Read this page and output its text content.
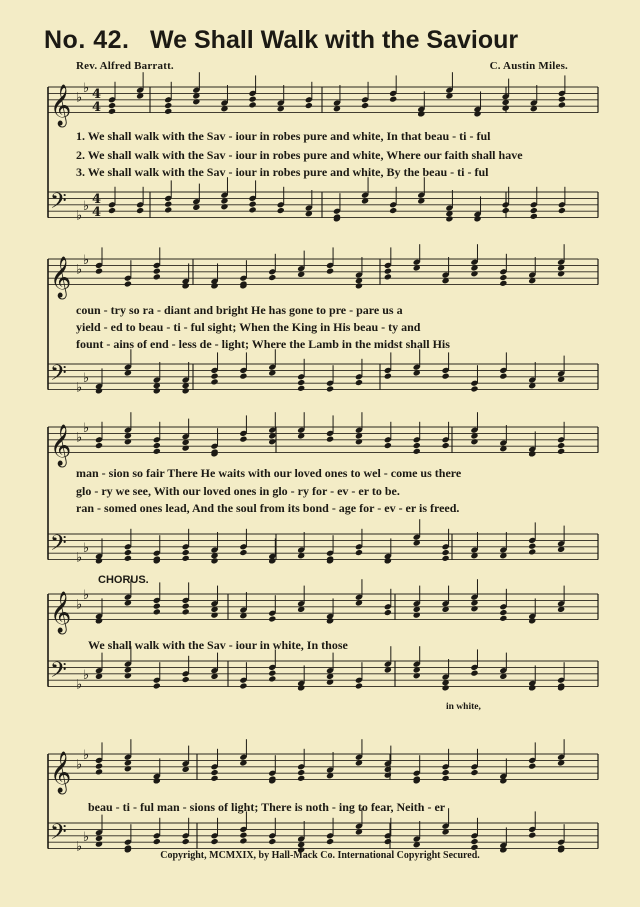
No. 42. We Shall Walk with the Saviour
Rev. Alfred Barratt.	C. Austin Miles.
𝄞 ♭
♭ 4
4
𝄢 ♭
♭ 4
4
𝄞 ♭
♭
𝄢 ♭
♭
𝄞 ♭
♭
𝄢 ♭
♭
𝄞 ♭
♭
𝄢 ♭
♭
𝄞 ♭
♭
𝄢 ♭
♭
1. We shall walk with the Sav - iour in robes pure and white, In that beau - ti - ful
2. We shall walk with the Sav - iour in robes pure and white, Where our faith shall have
3. We shall walk with the Sav - iour in robes pure and white, By the beau - ti - ful
coun - try so ra - diant and bright He has gone to pre - pare us a
yield - ed to beau - ti - ful sight; When the King in His beau - ty and
fount - ains of end - less de - light; Where the Lamb in the midst shall His
man - sion so fair There He waits with our loved ones to wel - come us there
glo - ry we see, With our loved ones in glo - ry for - ev - er to be.
ran - somed ones lead, And the soul from its bond - age for - ev - er is freed.
CHORUS.
We shall walk with the Sav - iour in white, In those
in white,
beau - ti - ful man - sions of light; There is noth - ing to fear, Neith - er
Copyright, MCMXIX, by Hall-Mack Co. International Copyright Secured.
